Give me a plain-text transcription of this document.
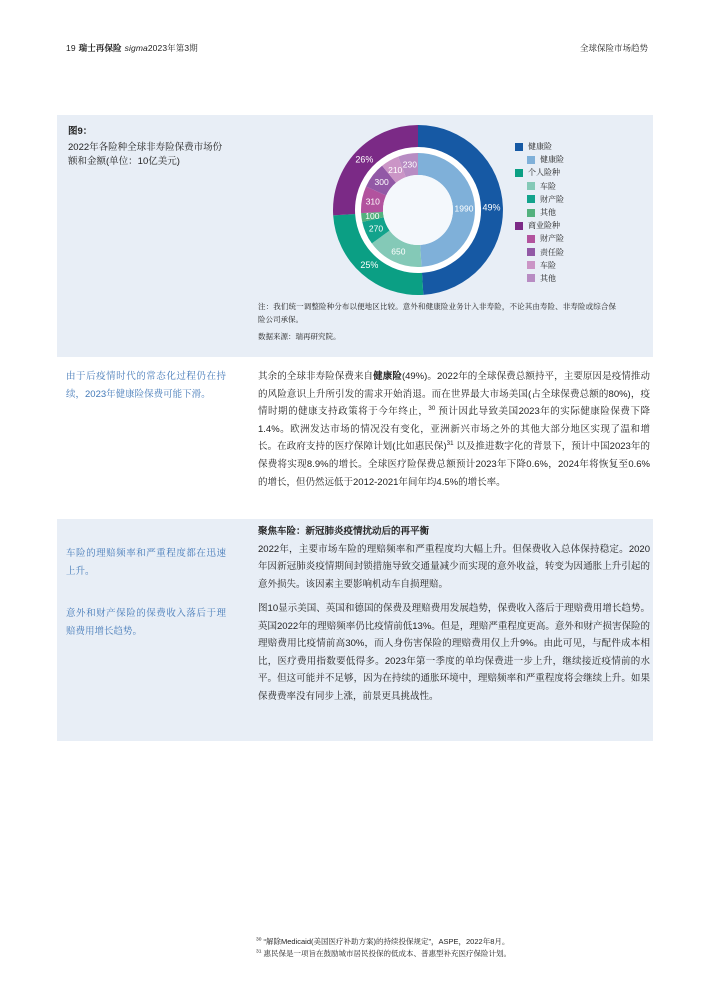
19 瑞士再保险 sigma2023年第3期	全球保险市场趋势
图9：
2022年各险种全球非寿险保费市场份额和金额(单位：10亿美元)
49%
25%
26%
1990
650
270
100
310
300
210
230
健康险
健康险
个人险种
车险
财产险
其他
商业险种
财产险
责任险
车险
其他
注：我们统一调整险种分布以便地区比较。意外和健康险业务计入非寿险，不论其由寿险、非寿险或综合保险公司承保。
数据来源：瑞再研究院。
由于后疫情时代的常态化过程仍在持续，2023年健康险保费可能下滑。

其余的全球非寿险保费来自健康险(49%)。2022年的全球保费总额持平，主要原因是疫情推动的风险意识上升所引发的需求开始消退。而在世界最大市场美国(占全球保费总额的80%)，疫情时期的健康支持政策将于今年终止，$^{30}$ 预计因此导致美国2023年的实际健康险保费下降1.4%。欧洲发达市场的情况没有变化，亚洲新兴市场之外的其他大部分地区实现了温和增长。在政府支持的医疗保障计划(比如惠民保)$^{31}$ 以及推进数字化的背景下，预计中国2023年的保费将实现8.9%的增长。全球医疗险保费总额预计2023年下降0.6%，2024年将恢复至0.6%的增长，但仍然远低于2012-2021年间年均4.5%的增长率。

车险的理赔频率和严重程度都在迅速上升。
意外和财产保险的保费收入落后于理赔费用增长趋势。
聚焦车险：新冠肺炎疫情扰动后的再平衡

2022年，主要市场车险的理赔频率和严重程度均大幅上升。但保费收入总体保持稳定。2020年因新冠肺炎疫情期间封锁措施导致交通量减少而实现的意外收益，转变为因通胀上升引起的意外损失。该因素主要影响机动车自损理赔。

图10显示美国、英国和德国的保费及理赔费用发展趋势，保费收入落后于理赔费用增长趋势。英国2022年的理赔频率仍比疫情前低13%。但是，理赔严重程度更高。意外和财产损害保险的理赔费用比疫情前高30%，而人身伤害保险的理赔费用仅上升9%。由此可见，与配件成本相比，医疗费用指数要低得多。2023年第一季度的单均保费进一步上升，继续接近疫情前的水平。但这可能并不足够，因为在持续的通胀环境中，理赔频率和严重程度将会继续上升。如果保费费率没有同步上涨，前景更具挑战性。

$^{30}$ “解除Medicaid(美国医疗补助方案)的持续投保规定”，ASPE，2022年8月。
$^{31}$ 惠民保是一项旨在鼓励城市居民投保的低成本、普惠型补充医疗保险计划。
